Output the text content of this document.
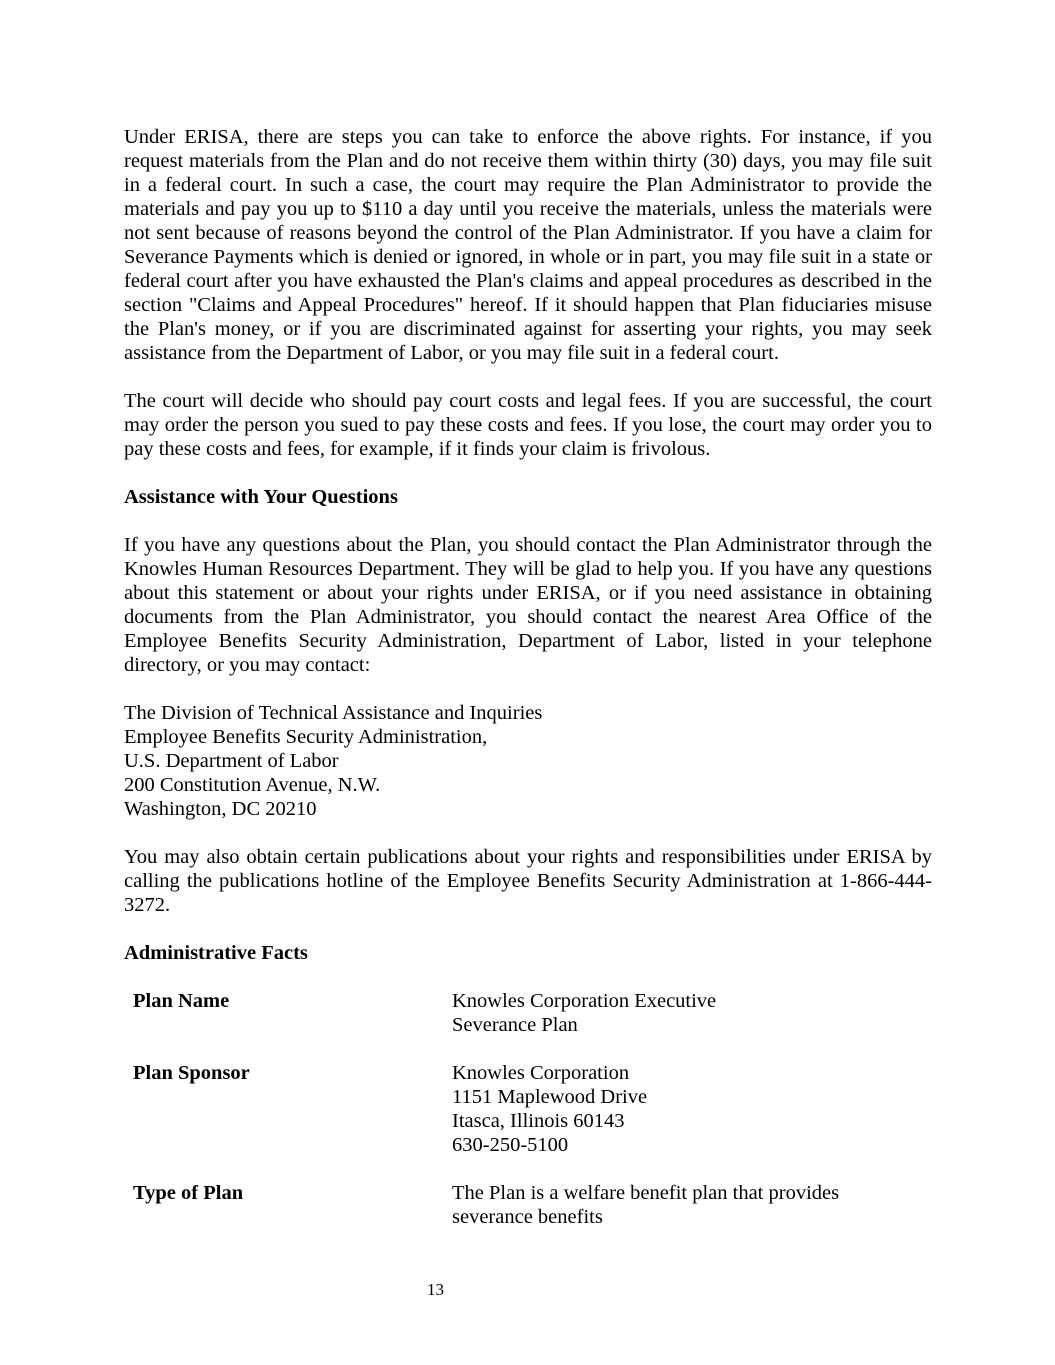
Under ERISA, there are steps you can take to enforce the above rights. For instance, if you request materials from the Plan and do not receive them within thirty (30) days, you may file suit in a federal court. In such a case, the court may require the Plan Administrator to provide the materials and pay you up to $110 a day until you receive the materials, unless the materials were not sent because of reasons beyond the control of the Plan Administrator. If you have a claim for Severance Payments which is denied or ignored, in whole or in part, you may file suit in a state or federal court after you have exhausted the Plan's claims and appeal procedures as described in the section "Claims and Appeal Procedures" hereof. If it should happen that Plan fiduciaries misuse the Plan's money, or if you are discriminated against for asserting your rights, you may seek assistance from the Department of Labor, or you may file suit in a federal court.

The court will decide who should pay court costs and legal fees. If you are successful, the court may order the person you sued to pay these costs and fees. If you lose, the court may order you to pay these costs and fees, for example, if it finds your claim is frivolous.

Assistance with Your Questions

If you have any questions about the Plan, you should contact the Plan Administrator through the Knowles Human Resources Department. They will be glad to help you. If you have any questions about this statement or about your rights under ERISA, or if you need assistance in obtaining documents from the Plan Administrator, you should contact the nearest Area Office of the Employee Benefits Security Administration, Department of Labor, listed in your telephone directory, or you may contact:

The Division of Technical Assistance and Inquiries
Employee Benefits Security Administration,
U.S. Department of Labor
200 Constitution Avenue, N.W.
Washington, DC 20210

You may also obtain certain publications about your rights and responsibilities under ERISA by calling the publications hotline of the Employee Benefits Security Administration at 1-866-444-3272.

Administrative Facts
Plan Name	Knowles Corporation Executive
Severance Plan
Plan Sponsor	Knowles Corporation
1151 Maplewood Drive
Itasca, Illinois 60143
630-250-5100
Type of Plan	The Plan is a welfare benefit plan that provides
severance benefits
13
